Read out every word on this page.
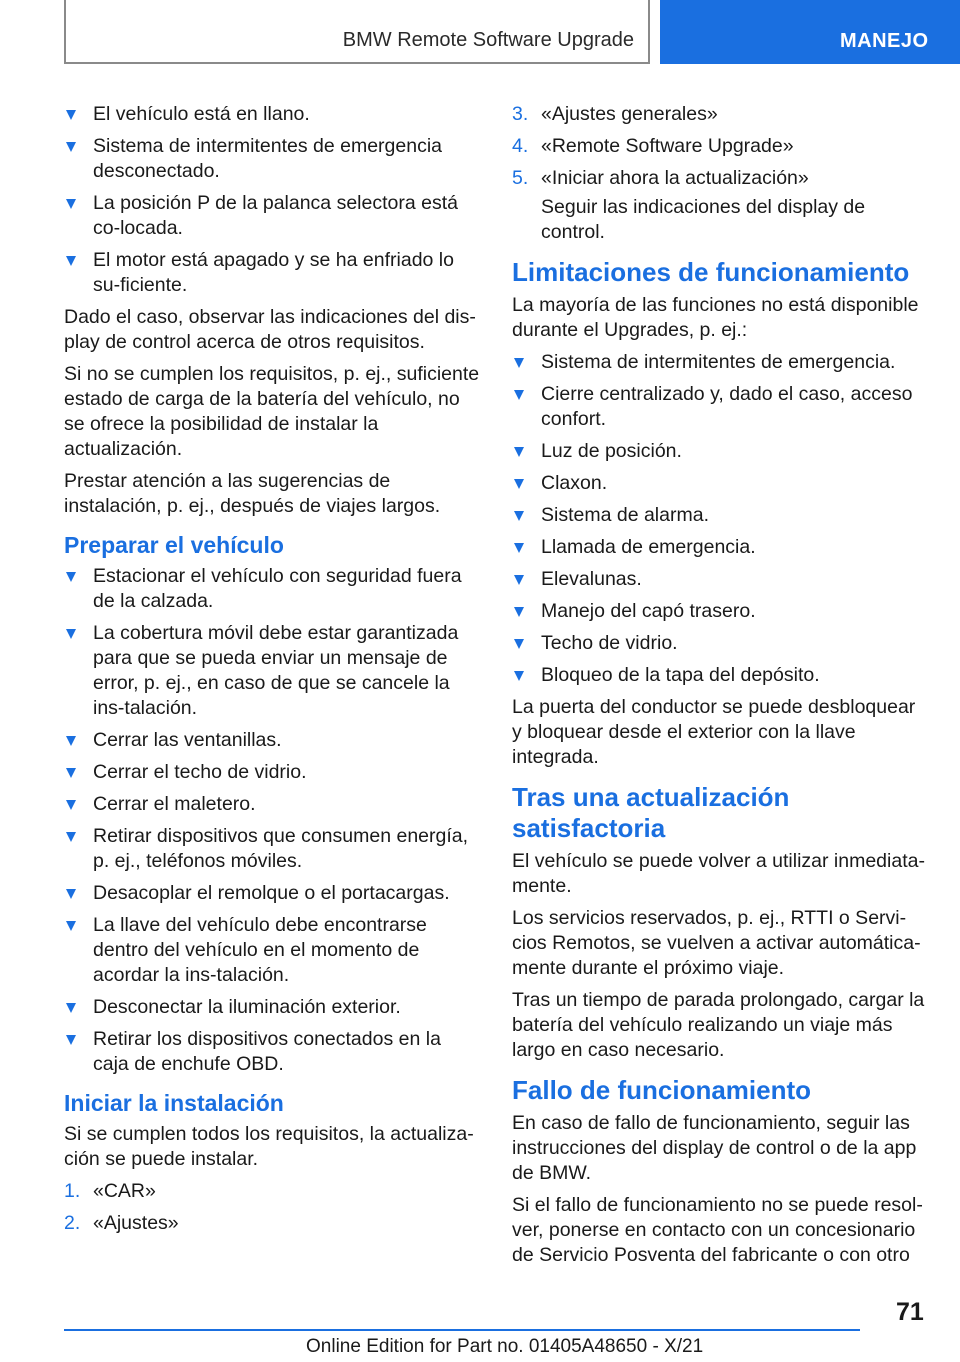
BMW Remote Software Upgrade	MANEJO
El vehículo está en llano.
Sistema de intermitentes de emergencia desconectado.
La posición P de la palanca selectora está co‐locada.
El motor está apagado y se ha enfriado lo su‐ficiente.

Dado el caso, observar las indicaciones del dis‐play de control acerca de otros requisitos.

Si no se cumplen los requisitos, p. ej., suficiente estado de carga de la batería del vehículo, no se ofrece la posibilidad de instalar la actualización.

Prestar atención a las sugerencias de instalación, p. ej., después de viajes largos.

Preparar el vehículo
Estacionar el vehículo con seguridad fuera de la calzada.
La cobertura móvil debe estar garantizada para que se pueda enviar un mensaje de error, p. ej., en caso de que se cancele la ins‐talación.
Cerrar las ventanillas.
Cerrar el techo de vidrio.
Cerrar el maletero.
Retirar dispositivos que consumen energía, p. ej., teléfonos móviles.
Desacoplar el remolque o el portacargas.
La llave del vehículo debe encontrarse dentro del vehículo en el momento de acordar la ins‐talación.
Desconectar la iluminación exterior.
Retirar los dispositivos conectados en la caja de enchufe OBD.
Iniciar la instalación

Si se cumplen todos los requisitos, la actualiza‐ción se puede instalar.

1. «CAR»
2. «Ajustes»
3. «Ajustes generales»
4. «Remote Software Upgrade»
5. «Iniciar ahora la actualización»

Seguir las indicaciones del display de control.

Limitaciones de funcionamiento

La mayoría de las funciones no está disponible durante el Upgrades, p. ej.:

Sistema de intermitentes de emergencia.
Cierre centralizado y, dado el caso, acceso confort.
Luz de posición.
Claxon.
Sistema de alarma.
Llamada de emergencia.
Elevalunas.
Manejo del capó trasero.
Techo de vidrio.
Bloqueo de la tapa del depósito.

La puerta del conductor se puede desbloquear y bloquear desde el exterior con la llave integrada.

Tras una actualización satisfactoria

El vehículo se puede volver a utilizar inmediata‐mente.

Los servicios reservados, p. ej., RTTI o Servi‐cios Remotos, se vuelven a activar automática‐mente durante el próximo viaje.

Tras un tiempo de parada prolongado, cargar la batería del vehículo realizando un viaje más largo en caso necesario.

Fallo de funcionamiento

En caso de fallo de funcionamiento, seguir las instrucciones del display de control o de la app de BMW.

Si el fallo de funcionamiento no se puede resol‐ver, ponerse en contacto con un concesionario de Servicio Posventa del fabricante o con otro

71
Online Edition for Part no. 01405A48650 - X/21
